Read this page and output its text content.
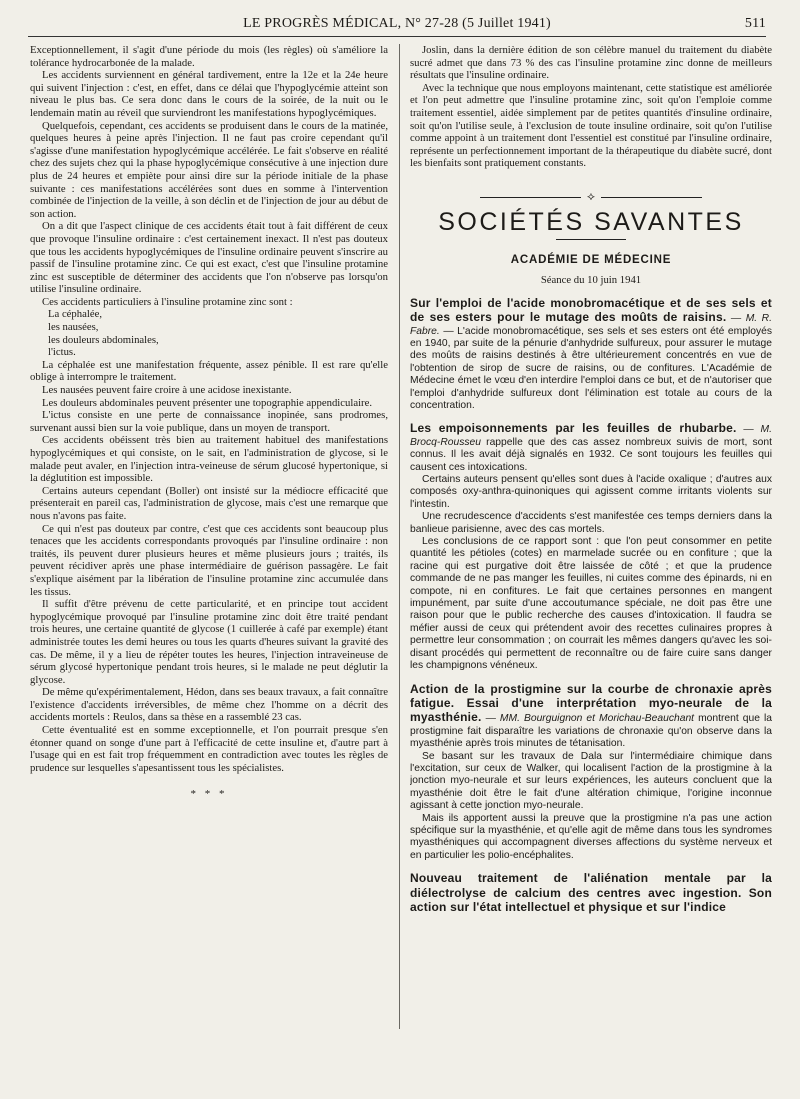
LE PROGRÈS MÉDICAL, N° 27-28 (5 Juillet 1941)	511

Exceptionnellement, il s'agit d'une période du mois (les règles) où s'améliore la tolérance hydrocarbonée de la malade.

Les accidents surviennent en général tardivement, entre la 12e et la 24e heure qui suivent l'injection : c'est, en effet, dans ce délai que l'hypoglycémie atteint son niveau le plus bas. Ce sera donc dans le cours de la soirée, de la nuit ou le lendemain matin au réveil que surviendront les manifestations hypoglycémiques.

Quelquefois, cependant, ces accidents se produisent dans le cours de la matinée, quelques heures à peine après l'injection. Il ne faut pas croire cependant qu'il s'agisse d'une manifestation hypoglycémique accélérée. Le fait s'observe en réalité chez des sujets chez qui la phase hypoglycémique consécutive à une injection dure plus de 24 heures et empiète pour ainsi dire sur la période initiale de la phase suivante : ces manifestations accélérées sont dues en somme à l'intervention combinée de l'injection de la veille, à son déclin et de l'injection de jour au début de son action.

On a dit que l'aspect clinique de ces accidents était tout à fait différent de ceux que provoque l'insuline ordinaire : c'est certainement inexact. Il n'est pas douteux que tous les accidents hypoglycémiques de l'insuline ordinaire peuvent s'inscrire au passif de l'insuline protamine zinc. Ce qui est exact, c'est que l'insuline protamine zinc est susceptible de déterminer des accidents que l'on n'observe pas lorsqu'on utilise l'insuline ordinaire.

Ces accidents particuliers à l'insuline protamine zinc sont :

La céphalée,

les nausées,

les douleurs abdominales,

l'ictus.

La céphalée est une manifestation fréquente, assez pénible. Il est rare qu'elle oblige à interrompre le traitement.

Les nausées peuvent faire croire à une acidose inexistante.

Les douleurs abdominales peuvent présenter une topographie appendiculaire.

L'ictus consiste en une perte de connaissance inopinée, sans prodromes, survenant aussi bien sur la voie publique, dans un moyen de transport.

Ces accidents obéissent très bien au traitement habituel des manifestations hypoglycémiques et qui consiste, on le sait, en l'administration de glycose, si le malade peut avaler, en l'injection intra-veineuse de sérum glucosé hypertonique, si la déglutition est impossible.

Certains auteurs cependant (Boller) ont insisté sur la médiocre efficacité que présenterait en pareil cas, l'administration de glycose, mais c'est une remarque que nous n'avons pas faite.

Ce qui n'est pas douteux par contre, c'est que ces accidents sont beaucoup plus tenaces que les accidents correspondants provoqués par l'insuline ordinaire : non traités, ils peuvent durer plusieurs heures et même plusieurs jours ; traités, ils peuvent récidiver après une phase intermédiaire de guérison passagère. Le fait s'explique aisément par la libération de l'insuline protamine zinc accumulée dans les tissus.

Il suffit d'être prévenu de cette particularité, et en principe tout accident hypoglycémique provoqué par l'insuline protamine zinc doit être traité pendant trois heures, une certaine quantité de glycose (1 cuillerée à café par exemple) étant administrée toutes les demi heures ou tous les quarts d'heures suivant la gravité des cas. De même, il y a lieu de répéter toutes les heures, l'injection intraveineuse de sérum glycosé hypertonique pendant trois heures, si le malade ne peut déglutir la glycose.

De même qu'expérimentalement, Hédon, dans ses beaux travaux, a fait connaître l'existence d'accidents irréversibles, de même chez l'homme on a décrit des accidents mortels : Reulos, dans sa thèse en a rassemblé 23 cas.

Cette éventualité est en somme exceptionnelle, et l'on pourrait presque s'en étonner quand on songe d'une part à l'efficacité de cette insuline et, d'autre part à l'usage qui en est fait trop fréquemment en contradiction avec toutes les règles de prudence sur lesquelles s'apesantissent tous les spécialistes.

* * *

Joslin, dans la dernière édition de son célèbre manuel du traitement du diabète sucré admet que dans 73 % des cas l'insuline protamine zinc donne de meilleurs résultats que l'insuline ordinaire.

Avec la technique que nous employons maintenant, cette statistique est améliorée et l'on peut admettre que l'insuline protamine zinc, soit qu'on l'emploie comme traitement essentiel, aidée simplement par de petites quantités d'insuline ordinaire, soit qu'on l'utilise seule, à l'exclusion de toute insuline ordinaire, soit qu'on l'utilise comme appoint à un traitement dont l'essentiel est constitué par l'insuline ordinaire, représente un perfectionnement important de la thérapeutique du diabète sucré, dont les bienfaits sont pratiquement constants.

⟡
SOCIÉTÉS SAVANTES
ACADÉMIE DE MÉDECINE
Séance du 10 juin 1941

Sur l'emploi de l'acide monobromacétique et de ses sels et de ses esters pour le mutage des moûts de raisins. — M. R. Fabre. — L'acide monobromacétique, ses sels et ses esters ont été employés en 1940, par suite de la pénurie d'anhydride sulfureux, pour assurer le mutage des moûts de raisins destinés à être ultérieurement concentrés en vue de l'obtention de sirop de sucre de raisins, ou de confitures. L'Académie de Médecine émet le vœu d'en interdire l'emploi dans ce but, et de n'autoriser que l'emploi d'anhydride sulfureux dont l'élimination est totale au cours de la concentration.

Les empoisonnements par les feuilles de rhubarbe. — M. Brocq-Rousseu rappelle que des cas assez nombreux suivis de mort, sont connus. Il les avait déjà signalés en 1932. Ce sont toujours les feuilles qui causent ces intoxications.

Certains auteurs pensent qu'elles sont dues à l'acide oxalique ; d'autres aux composés oxy-anthra-quinoniques qui agissent comme irritants violents sur l'intestin.

Une recrudescence d'accidents s'est manifestée ces temps derniers dans la banlieue parisienne, avec des cas mortels.

Les conclusions de ce rapport sont : que l'on peut consommer en petite quantité les pétioles (cotes) en marmelade sucrée ou en confiture ; que la racine qui est purgative doit être laissée de côté ; et que la prudence commande de ne pas manger les feuilles, ni cuites comme des épinards, ni en compote, ni en confitures. Le fait que certaines personnes en mangent impunément, par suite d'une accoutumance spéciale, ne doit pas être une raison pour que le public recherche des causes d'intoxication. Il faudra se méfier aussi de ceux qui prétendent avoir des recettes culinaires propres à permettre leur consommation ; on courrait les mêmes dangers qu'avec les soi-disant procédés qui permettent de reconnaître ou de faire cuire sans danger les champignons vénéneux.

Action de la prostigmine sur la courbe de chronaxie après fatigue. Essai d'une interprétation myo-neurale de la myasthénie. — MM. Bourguignon et Morichau-Beauchant montrent que la prostigmine fait disparaître les variations de chronaxie qu'on observe dans la myasthénie après trois minutes de tétanisation.

Se basant sur les travaux de Dala sur l'intermédiaire chimique dans l'excitation, sur ceux de Walker, qui localisent l'action de la prostigmine à la jonction myo-neurale et sur leurs expériences, les auteurs concluent que la myasthénie doit être le fait d'une altération chimique, l'origine inconnue agissant à cette jonction myo-neurale.

Mais ils apportent aussi la preuve que la prostigmine n'a pas une action spécifique sur la myasthénie, et qu'elle agit de même dans tous les syndromes myasthéniques qui accompagnent diverses affections du système nerveux et en particulier les polio-encéphalites.

Nouveau traitement de l'aliénation mentale par la diélectrolyse de calcium des centres avec ingestion. Son action sur l'état intellectuel et physique et sur l'indice
